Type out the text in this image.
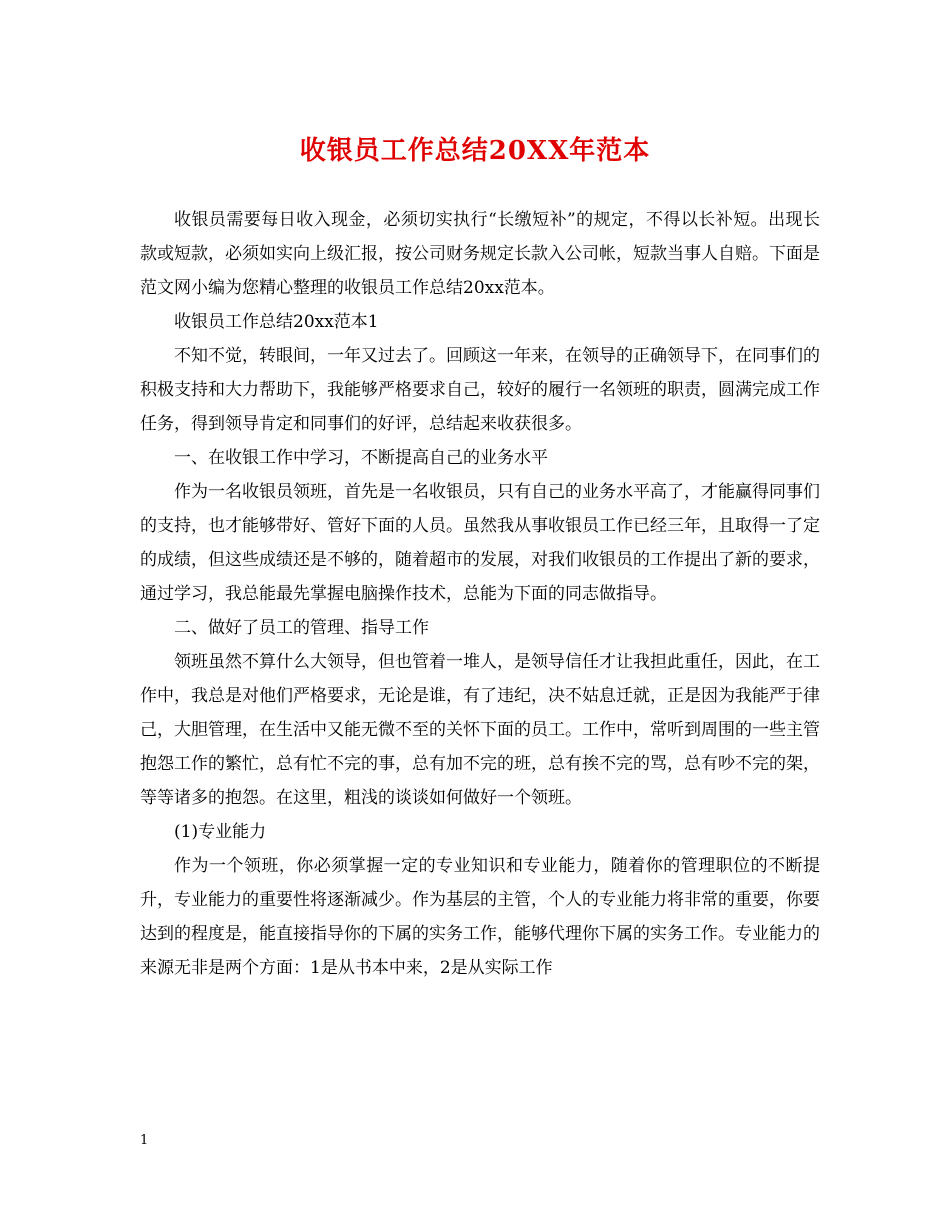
收银员工作总结20XX年范本

收银员需要每日收入现金，必须切实执行“长缴短补”的规定，不得以长补短。出现长款或短款，必须如实向上级汇报，按公司财务规定长款入公司帐，短款当事人自赔。下面是范文网小编为您精心整理的收银员工作总结20xx范本。

收银员工作总结20xx范本1

不知不觉，转眼间，一年又过去了。回顾这一年来，在领导的正确领导下，在同事们的积极支持和大力帮助下，我能够严格要求自己，较好的履行一名领班的职责，圆满完成工作任务，得到领导肯定和同事们的好评，总结起来收获很多。

一、在收银工作中学习，不断提高自己的业务水平

作为一名收银员领班，首先是一名收银员，只有自己的业务水平高了，才能赢得同事们的支持，也才能够带好、管好下面的人员。虽然我从事收银员工作已经三年，且取得一了定的成绩，但这些成绩还是不够的，随着超市的发展，对我们收银员的工作提出了新的要求，通过学习，我总能最先掌握电脑操作技术，总能为下面的同志做指导。

二、做好了员工的管理、指导工作

领班虽然不算什么大领导，但也管着一堆人，是领导信任才让我担此重任，因此，在工作中，我总是对他们严格要求，无论是谁，有了违纪，决不姑息迁就，正是因为我能严于律己，大胆管理，在生活中又能无微不至的关怀下面的员工。工作中，常听到周围的一些主管抱怨工作的繁忙，总有忙不完的事，总有加不完的班，总有挨不完的骂，总有吵不完的架，等等诸多的抱怨。在这里，粗浅的谈谈如何做好一个领班。

(1)专业能力

作为一个领班，你必须掌握一定的专业知识和专业能力，随着你的管理职位的不断提升，专业能力的重要性将逐渐减少。作为基层的主管，个人的专业能力将非常的重要，你要达到的程度是，能直接指导你的下属的实务工作，能够代理你下属的实务工作。专业能力的来源无非是两个方面：1是从书本中来，2是从实际工作

1
